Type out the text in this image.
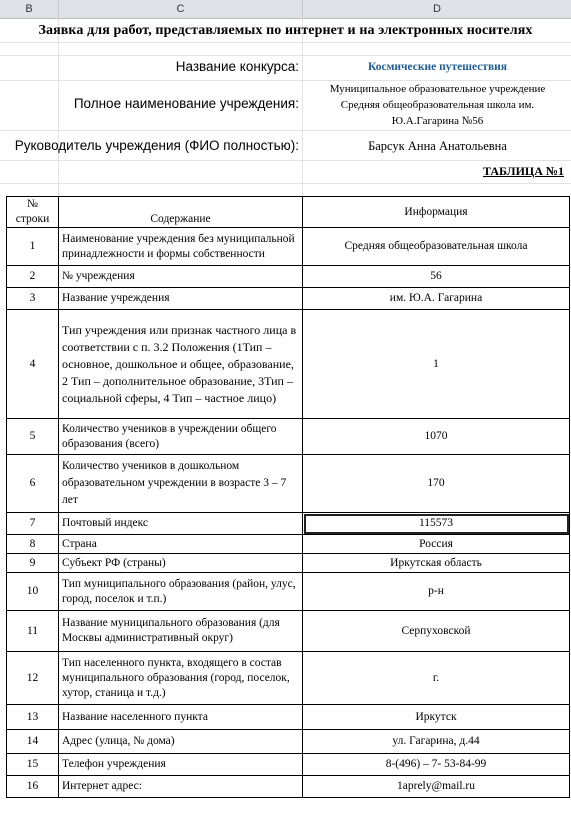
B	C	D
Заявка для работ, представляемых по интернет и на электронных носителях
Название конкурса:	Космические путешествия
Полное наименование учреждения:
Муниципальное образовательное учреждение
Средняя общеобразовательная школа им.
Ю.А.Гагарина №56
Руководитель учреждения (ФИО полностью):	Барсук Анна Анатольевна
ТАБЛИЦА №1
№
строки	Содержание	Информация
1	Наименование учреждения без муниципальной принадлежности и формы собственности	Средняя общеобразовательная школа
2	№ учреждения	56
3	Название учреждения	им. Ю.А. Гагарина
4	Тип учреждения или признак частного лица в соответствии с п. 3.2 Положения (1Тип – основное, дошкольное и общее, образование, 2 Тип – дополнительное образование, 3Тип – социальной сферы, 4 Тип – частное лицо)	1
5	Количество учеников в учреждении общего образования (всего)	1070
6	Количество учеников в дошкольном образовательном учреждении в возрасте 3 – 7 лет	170
7	Почтовый индекс	115573
8	Страна	Россия
9	Субъект РФ (страны)	Иркутская область
10	Тип муниципального образования (район, улус, город, поселок и т.п.)	р-н
11	Название муниципального образования (для Москвы административный округ)	Серпуховской
12	Тип населенного пункта, входящего в состав муниципального образования (город, поселок, хутор, станица и т.д.)	г.
13	Название населенного пункта	Иркутск
14	Адрес (улица, № дома)	ул. Гагарина, д.44
15	Телефон учреждения	8-(496) – 7- 53-84-99
16	Интернет адрес:	1aprely@mail.ru
